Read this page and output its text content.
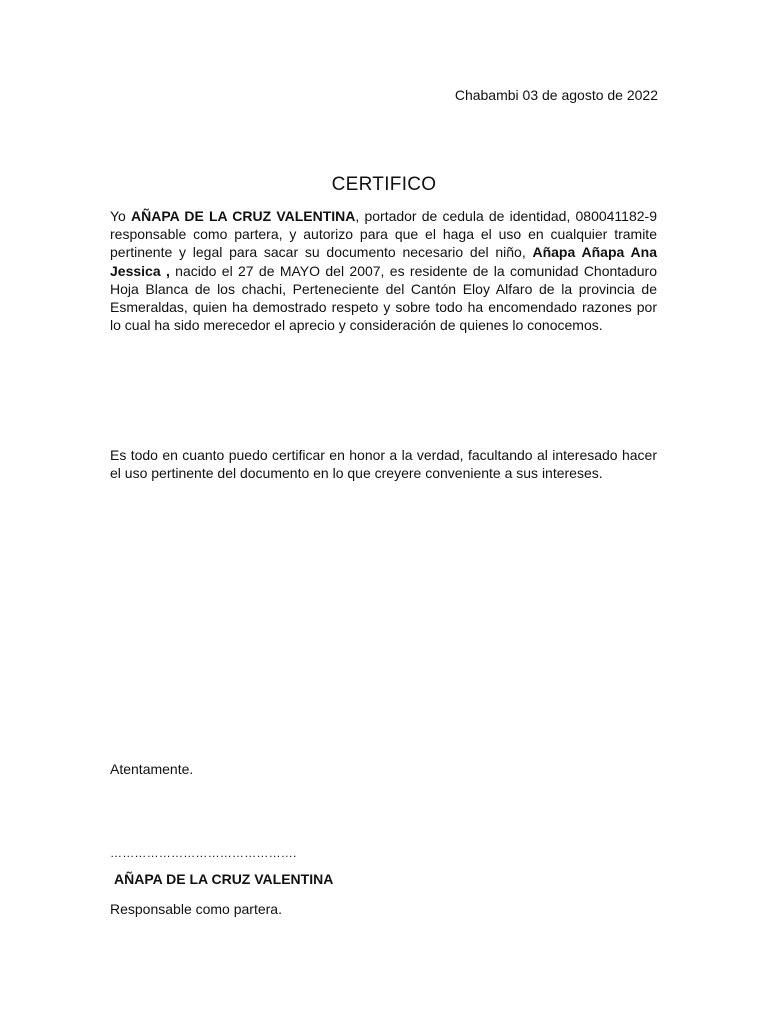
Chabambi 03 de agosto de 2022
CERTIFICO

Yo AÑAPA DE LA CRUZ VALENTINA, portador de cedula de identidad, 080041182-9 responsable como partera, y autorizo para que el haga el uso en cualquier tramite pertinente y legal para sacar su documento necesario del niño, Añapa Añapa Ana Jessica , nacido el 27 de MAYO del 2007, es residente de la comunidad Chontaduro Hoja Blanca de los chachi, Perteneciente del Cantón Eloy Alfaro de la provincia de Esmeraldas, quien ha demostrado respeto y sobre todo ha encomendado razones por lo cual ha sido merecedor el aprecio y consideración de quienes lo conocemos.

Es todo en cuanto puedo certificar en honor a la verdad, facultando al interesado hacer el uso pertinente del documento en lo que creyere conveniente a sus intereses.

Atentamente.
……………………………………….
AÑAPA DE LA CRUZ VALENTINA
Responsable como partera.
